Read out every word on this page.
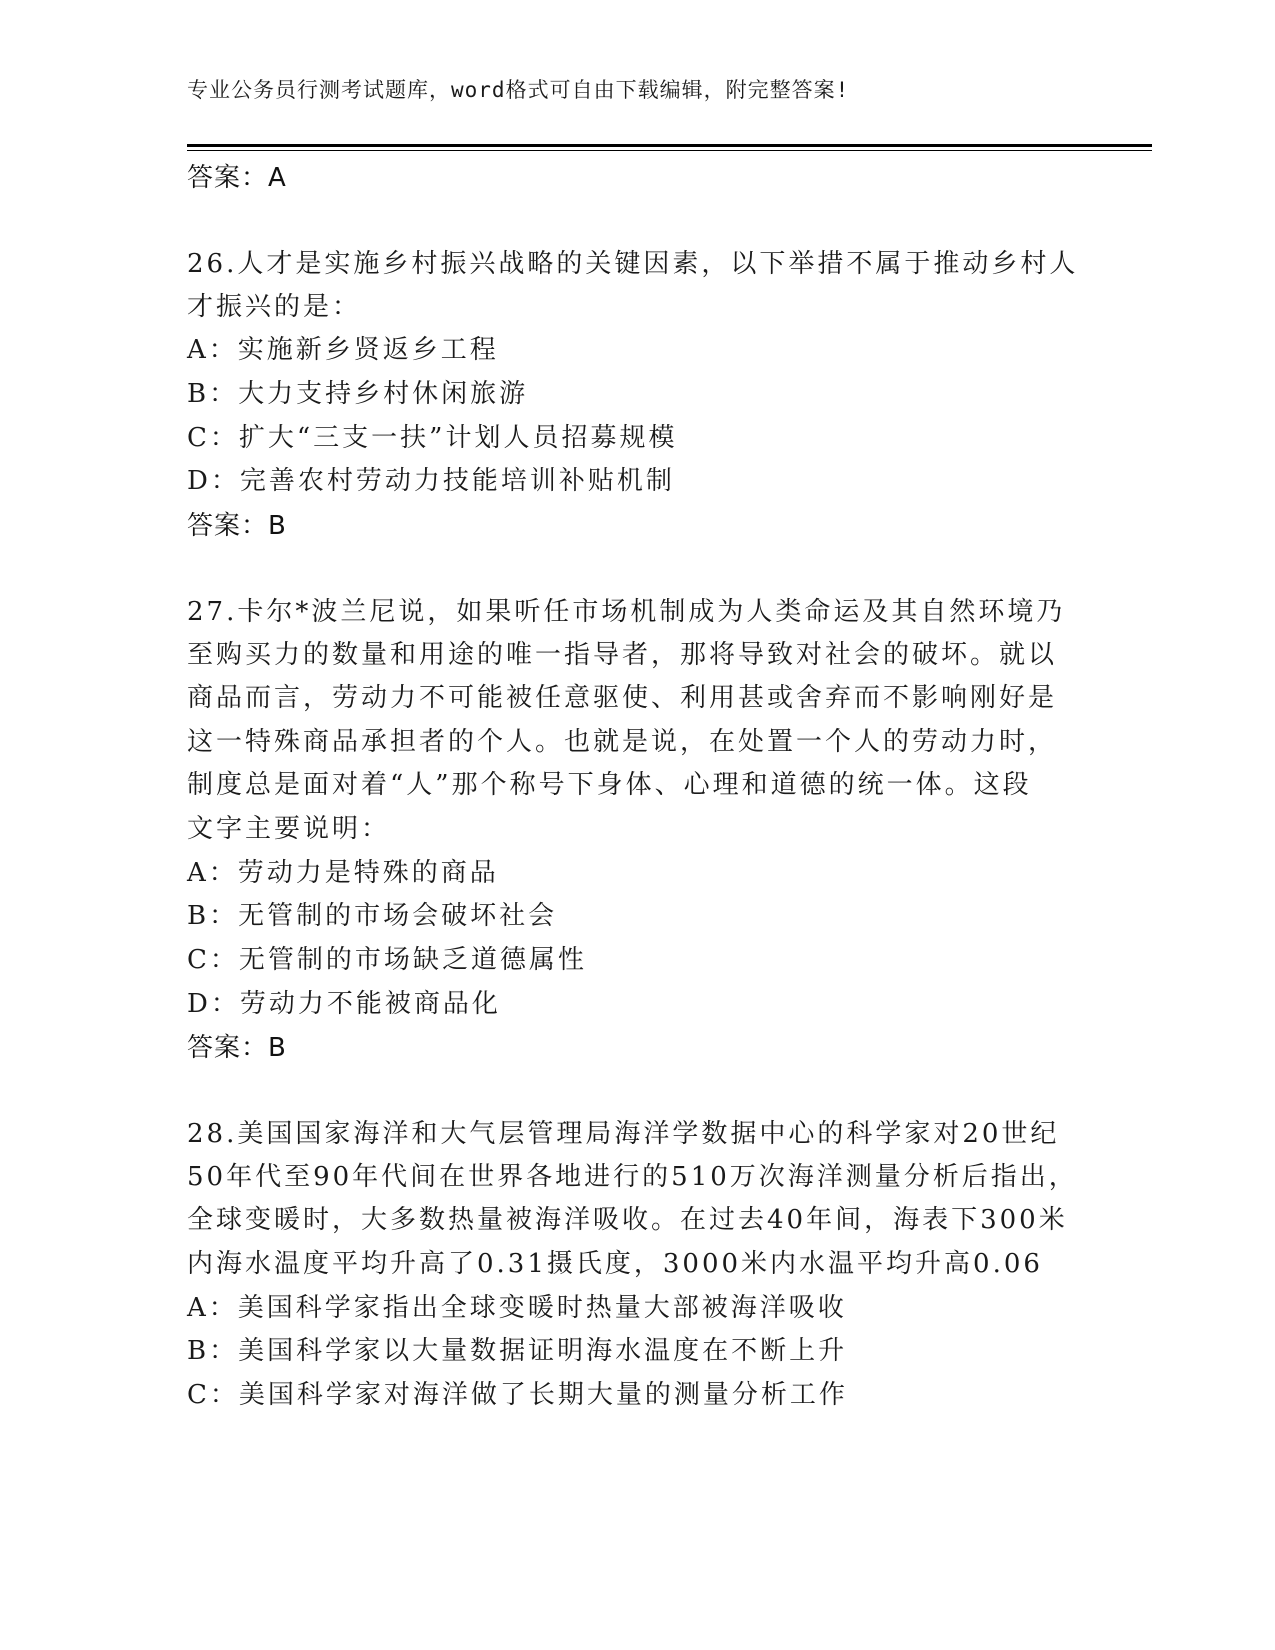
专业公务员行测考试题库，word格式可自由下载编辑，附完整答案!
答案：A
26.人才是实施乡村振兴战略的关键因素，以下举措不属于推动乡村人
才振兴的是：
A：实施新乡贤返乡工程
B：大力支持乡村休闲旅游
C：扩大“三支一扶”计划人员招募规模
D：完善农村劳动力技能培训补贴机制
答案：B
27.卡尔*波兰尼说，如果听任市场机制成为人类命运及其自然环境乃
至购买力的数量和用途的唯一指导者，那将导致对社会的破坏。就以
商品而言，劳动力不可能被任意驱使、利用甚或舍弃而不影响刚好是
这一特殊商品承担者的个人。也就是说，在处置一个人的劳动力时，
制度总是面对着“人”那个称号下身体、心理和道德的统一体。这段
文字主要说明：
A：劳动力是特殊的商品
B：无管制的市场会破坏社会
C：无管制的市场缺乏道德属性
D：劳动力不能被商品化
答案：B
28.美国国家海洋和大气层管理局海洋学数据中心的科学家对20世纪
50年代至90年代间在世界各地进行的510万次海洋测量分析后指出，
全球变暖时，大多数热量被海洋吸收。在过去40年间，海表下300米
内海水温度平均升高了0.31摄氏度，3000米内水温平均升高0.06
A：美国科学家指出全球变暖时热量大部被海洋吸收
B：美国科学家以大量数据证明海水温度在不断上升
C：美国科学家对海洋做了长期大量的测量分析工作
